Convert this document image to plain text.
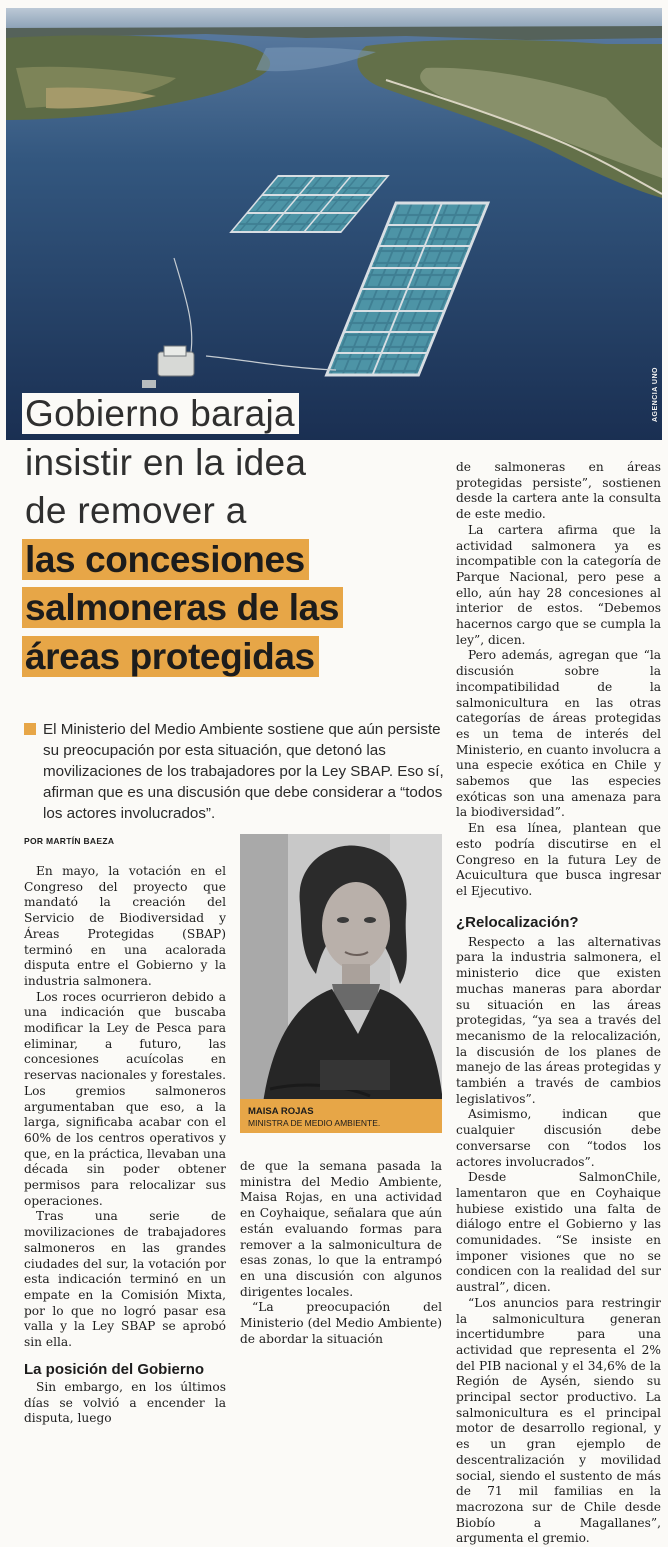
AGENCIA UNO
Gobierno baraja
insistir en la idea
de remover a
las concesiones
salmoneras de las
áreas protegidas

El Ministerio del Medio Ambiente sostiene que aún persiste su preocupación por esta situación, que detonó las movilizaciones de los trabajadores por la Ley SBAP. Eso sí, afirman que es una discusión que debe considerar a “todos los actores involucrados”.

POR MARTÍN BAEZA

En mayo, la votación en el Congreso del proyecto que mandató la creación del Servicio de Biodiversidad y Áreas Protegidas (SBAP) terminó en una acalorada disputa entre el Gobierno y la industria salmonera.

Los roces ocurrieron debido a una indicación que buscaba modificar la Ley de Pesca para eliminar, a futuro, las concesiones acuícolas en reservas nacionales y forestales. Los gremios salmoneros argumentaban que eso, a la larga, significaba acabar con el 60% de los centros operativos y que, en la práctica, llevaban una década sin poder obtener permisos para relocalizar sus operaciones.

Tras una serie de movilizaciones de trabajadores salmoneros en las grandes ciudades del sur, la votación por esta indicación terminó en un empate en la Comisión Mixta, por lo que no logró pasar esa valla y la Ley SBAP se aprobó sin ella.

La posición del Gobierno

Sin embargo, en los últimos días se volvió a encender la disputa, luego

MAISA ROJAS
MINISTRA DE MEDIO AMBIENTE.

de que la semana pasada la ministra del Medio Ambiente, Maisa Rojas, en una actividad en Coyhaique, señalara que aún están evaluando formas para remover a la salmonicultura de esas zonas, lo que la entrampó en una discusión con algunos dirigentes locales.

“La preocupación del Ministerio (del Medio Ambiente) de abordar la situación

de salmoneras en áreas protegidas persiste”, sostienen desde la cartera ante la consulta de este medio.

La cartera afirma que la actividad salmonera ya es incompatible con la categoría de Parque Nacional, pero pese a ello, aún hay 28 concesiones al interior de estos. “Debemos hacernos cargo que se cumpla la ley”, dicen.

Pero además, agregan que “la discusión sobre la incompatibilidad de la salmonicultura en las otras categorías de áreas protegidas es un tema de interés del Ministerio, en cuanto involucra a una especie exótica en Chile y sabemos que las especies exóticas son una amenaza para la biodiversidad”.

En esa línea, plantean que esto podría discutirse en el Congreso en la futura Ley de Acuicultura que busca ingresar el Ejecutivo.

¿Relocalización?

Respecto a las alternativas para la industria salmonera, el ministerio dice que existen muchas maneras para abordar su situación en las áreas protegidas, “ya sea a través del mecanismo de la relocalización, la discusión de los planes de manejo de las áreas protegidas y también a través de cambios legislativos”.

Asimismo, indican que cualquier discusión debe conversarse con “todos los actores involucrados”.

Desde SalmonChile, lamentaron que en Coyhaique hubiese existido una falta de diálogo entre el Gobierno y las comunidades. “Se insiste en imponer visiones que no se condicen con la realidad del sur austral”, dicen.

“Los anuncios para restringir la salmonicultura generan incertidumbre para una actividad que representa el 2% del PIB nacional y el 34,6% de la Región de Aysén, siendo su principal sector productivo. La salmonicultura es el principal motor de desarrollo regional, y es un gran ejemplo de descentralización y movilidad social, siendo el sustento de más de 71 mil familias en la macrozona sur de Chile desde Biobío a Magallanes”, argumenta el gremio.
